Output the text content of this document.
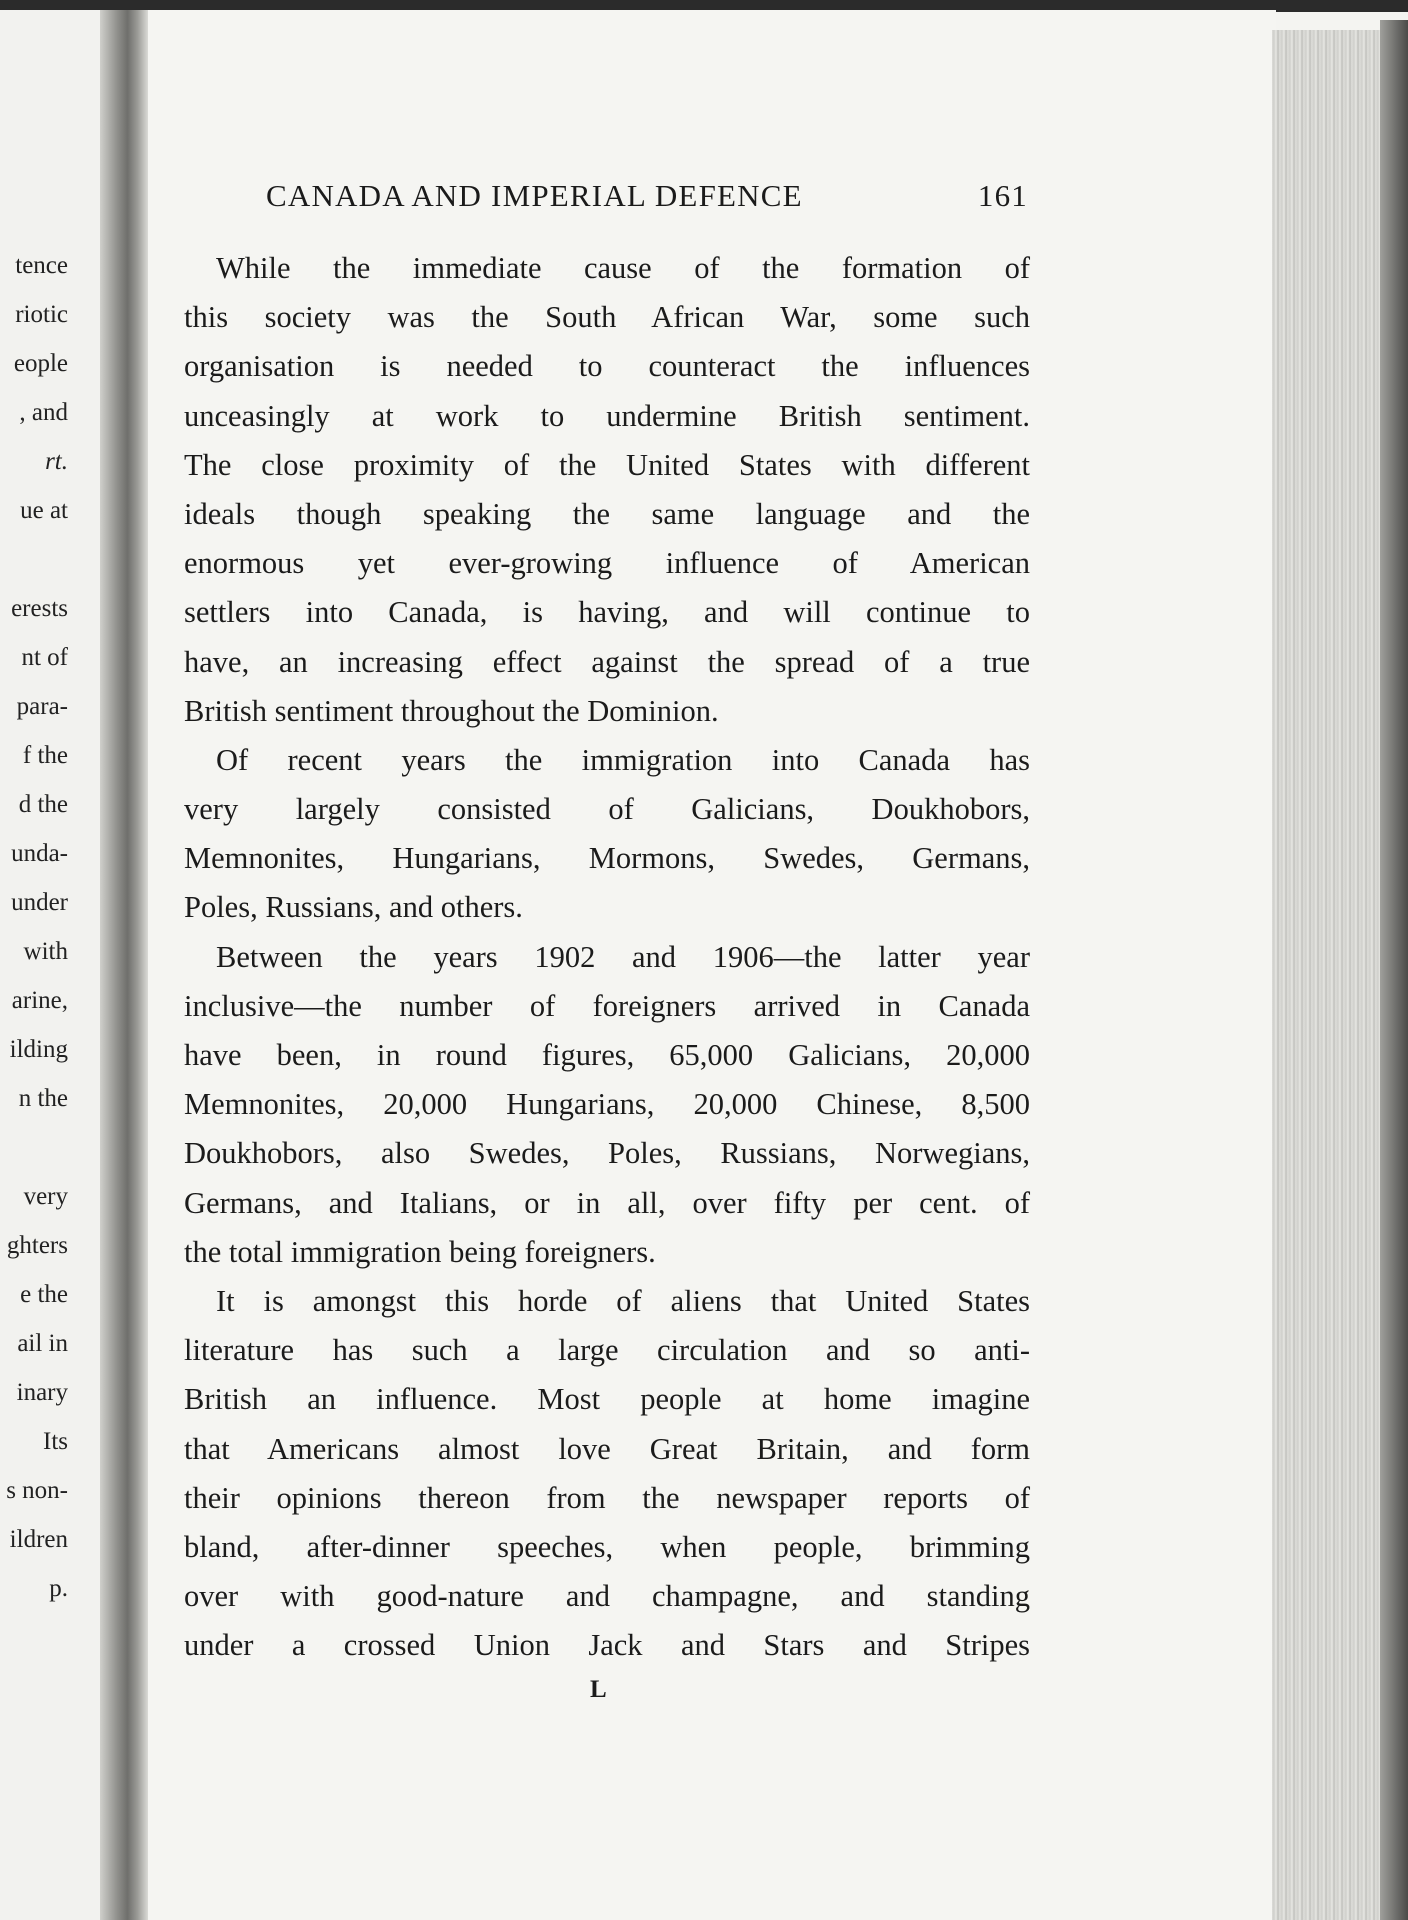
tence
riotic
eople
, and
rt.
ue at
erests
nt of
para-
f the
d the
unda-
under
with
arine,
ilding
n the
very
ghters
e the
ail in
inary
Its
s non-
ildren
p.
CANADA AND IMPERIAL DEFENCE	161
While the immediate cause of the formation of
this society was the South African War, some such
organisation is needed to counteract the influences
unceasingly at work to undermine British sentiment.
The close proximity of the United States with different
ideals though speaking the same language and the
enormous yet ever-growing influence of American
settlers into Canada, is having, and will continue to
have, an increasing effect against the spread of a true
British sentiment throughout the Dominion.
Of recent years the immigration into Canada has
very largely consisted of Galicians, Doukhobors,
Memnonites, Hungarians, Mormons, Swedes, Germans,
Poles, Russians, and others.
Between the years 1902 and 1906—the latter year
inclusive—the number of foreigners arrived in Canada
have been, in round figures, 65,000 Galicians, 20,000
Memnonites, 20,000 Hungarians, 20,000 Chinese, 8,500
Doukhobors, also Swedes, Poles, Russians, Norwegians,
Germans, and Italians, or in all, over fifty per cent. of
the total immigration being foreigners.
It is amongst this horde of aliens that United States
literature has such a large circulation and so anti-
British an influence. Most people at home imagine
that Americans almost love Great Britain, and form
their opinions thereon from the newspaper reports of
bland, after-dinner speeches, when people, brimming
over with good-nature and champagne, and standing
under a crossed Union Jack and Stars and Stripes
L
